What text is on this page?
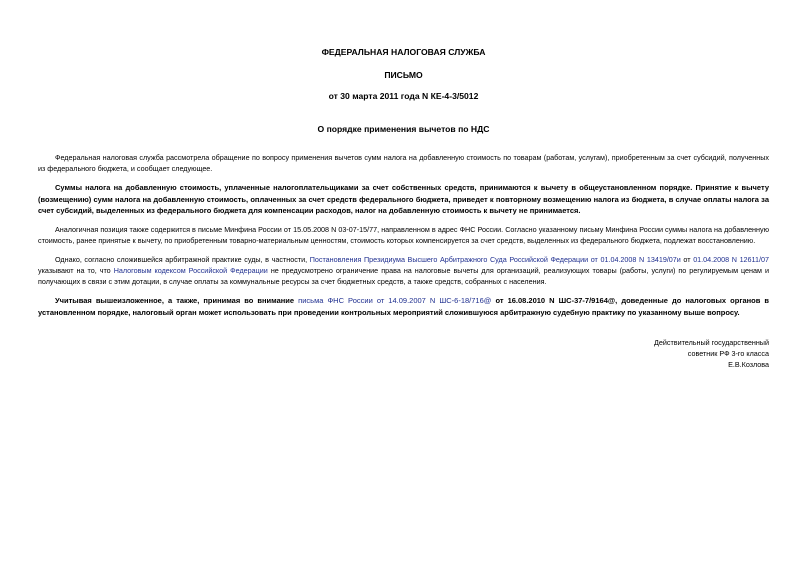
ФЕДЕРАЛЬНАЯ НАЛОГОВАЯ СЛУЖБА
ПИСЬМО
от 30 марта 2011 года N КЕ-4-3/5012
О порядке применения вычетов по НДС
Федеральная налоговая служба рассмотрела обращение по вопросу применения вычетов сумм налога на добавленную стоимость по товарам (работам, услугам), приобретенным за счет субсидий, полученных из федерального бюджета, и сообщает следующее.
Суммы налога на добавленную стоимость, уплаченные налогоплательщиками за счет собственных средств, принимаются к вычету в общеустановленном порядке. Принятие к вычету (возмещению) сумм налога на добавленную стоимость, оплаченных за счет средств федерального бюджета, приведет к повторному возмещению налога из бюджета, в случае оплаты налога за счет субсидий, выделенных из федерального бюджета для компенсации расходов, налог на добавленную стоимость к вычету не принимается.
Аналогичная позиция также содержится в письме Минфина России от 15.05.2008 N 03-07-15/77, направленном в адрес ФНС России. Согласно указанному письму Минфина России суммы налога на добавленную стоимость, ранее принятые к вычету, по приобретенным товарно-материальным ценностям, стоимость которых компенсируется за счет средств, выделенных из федерального бюджета, подлежат восстановлению.
Однако, согласно сложившейся арбитражной практике суды, в частности, Постановления Президиума Высшего Арбитражного Суда Российской Федерации от 01.04.2008 N 13419/07и от 01.04.2008 N 12611/07 указывают на то, что Налоговым кодексом Российской Федерации не предусмотрено ограничение права на налоговые вычеты для организаций, реализующих товары (работы, услуги) по регулируемым ценам и получающих в связи с этим дотации, в случае оплаты за коммунальные ресурсы за счет бюджетных средств, а также средств, собранных с населения.
Учитывая вышеизложенное, а также, принимая во внимание письма ФНС России от 14.09.2007 N ШС-6-18/716@ от 16.08.2010 N ШС-37-7/9164@, доведенные до налоговых органов в установленном порядке, налоговый орган может использовать при проведении контрольных мероприятий сложившуюся арбитражную судебную практику по указанному выше вопросу.
Действительный государственный
советник РФ 3-го класса
Е.В.Козлова
